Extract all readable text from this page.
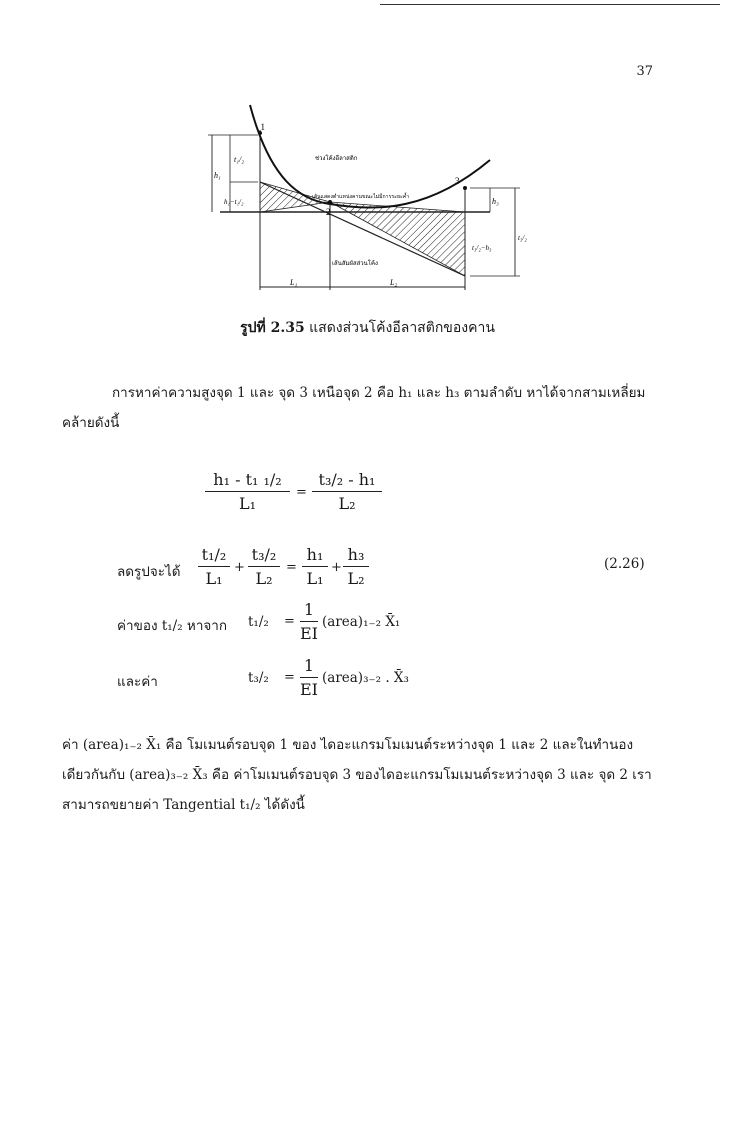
37
1
2
3
t₁/₂
h₁
h₁−t₁/₂	h₃
t₃/₂
t₃/₂−h₃
L₁	L₂
ช่วงโค้งอีลาสติก
เส้นแสดงตำแหน่งคานขณะไม่มีการระยะค้ำ
เส้นสัมผัสส่วนโค้ง
รูปที่ 2.35 แสดงส่วนโค้งอีลาสติกของคาน
การหาค่าความสูงจุด 1 และ จุด 3 เหนือจุด 2 คือ h₁ และ h₃ ตามลำดับ หาได้จากสามเหลี่ยมคล้ายดังนี้
h₁ - t₁ ₁/₂
L₁
=
t₃/₂ - h₁
L₂
ลดรูปจะได้
t₁/₂
L₁
+
t₃/₂
L₂
=
h₁
L₁
+
h₃
L₂
(2.26)
ค่าของ t₁/₂ หาจาก t₁/₂ =
1
EI
(area)₁₋₂ X̄₁
และค่า	t₃/₂ =
1
EI
(area)₃₋₂ . X̄₃
ค่า (area)₁₋₂ X̄₁ คือ โมเมนต์รอบจุด 1 ของ ไดอะแกรมโมเมนต์ระหว่างจุด 1 และ 2 และในทำนองเดียวกันกับ (area)₃₋₂ X̄₃ คือ ค่าโมเมนต์รอบจุด 3 ของไดอะแกรมโมเมนต์ระหว่างจุด 3 และ จุด 2 เราสามารถขยายค่า Tangential t₁/₂ ได้ดังนี้
